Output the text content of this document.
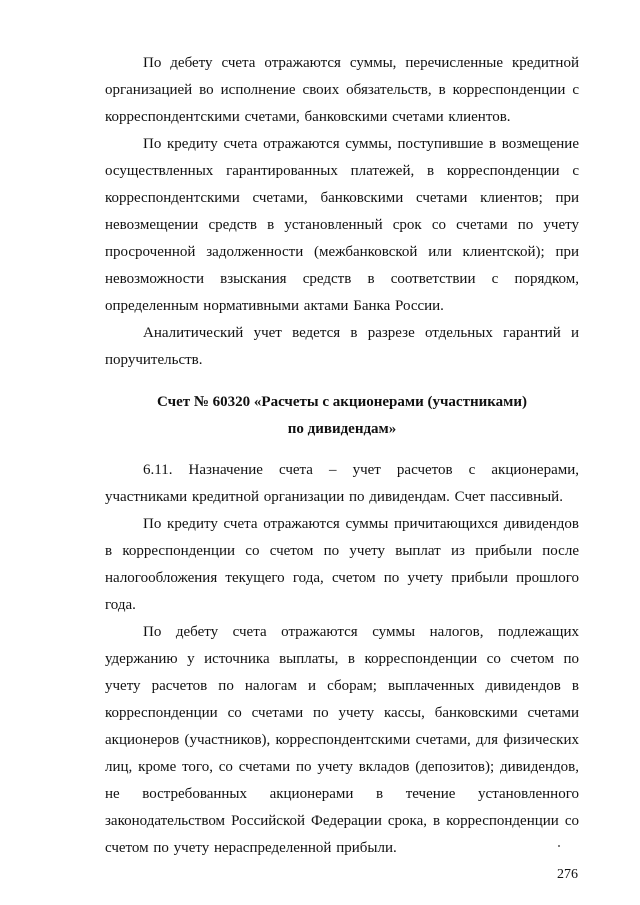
По дебету счета отражаются суммы, перечисленные кредитной организацией во исполнение своих обязательств, в корреспонденции с корреспондентскими счетами, банковскими счетами клиентов.

По кредиту счета отражаются суммы, поступившие в возмещение осуществленных гарантированных платежей, в корреспонденции с корреспондентскими счетами, банковскими счетами клиентов; при невозмещении средств в установленный срок со счетами по учету просроченной задолженности (межбанковской или клиентской); при невозможности взыскания средств в соответствии с порядком, определенным нормативными актами Банка России.

Аналитический учет ведется в разрезе отдельных гарантий и поручительств.

Счет № 60320 «Расчеты с акционерами (участниками)
по дивидендам»

6.11. Назначение счета – учет расчетов с акционерами, участниками кредитной организации по дивидендам. Счет пассивный.

По кредиту счета отражаются суммы причитающихся дивидендов в корреспонденции со счетом по учету выплат из прибыли после налогообложения текущего года, счетом по учету прибыли прошлого года.

По дебету счета отражаются суммы налогов, подлежащих удержанию у источника выплаты, в корреспонденции со счетом по учету расчетов по налогам и сборам; выплаченных дивидендов в корреспонденции со счетами по учету кассы, банковскими счетами акционеров (участников), корреспондентскими счетами, для физических лиц, кроме того, со счетами по учету вкладов (депозитов); дивидендов, не востребованных акционерами в течение установленного законодательством Российской Федерации срока, в корреспонденции со счетом по учету нераспределенной прибыли.

276
